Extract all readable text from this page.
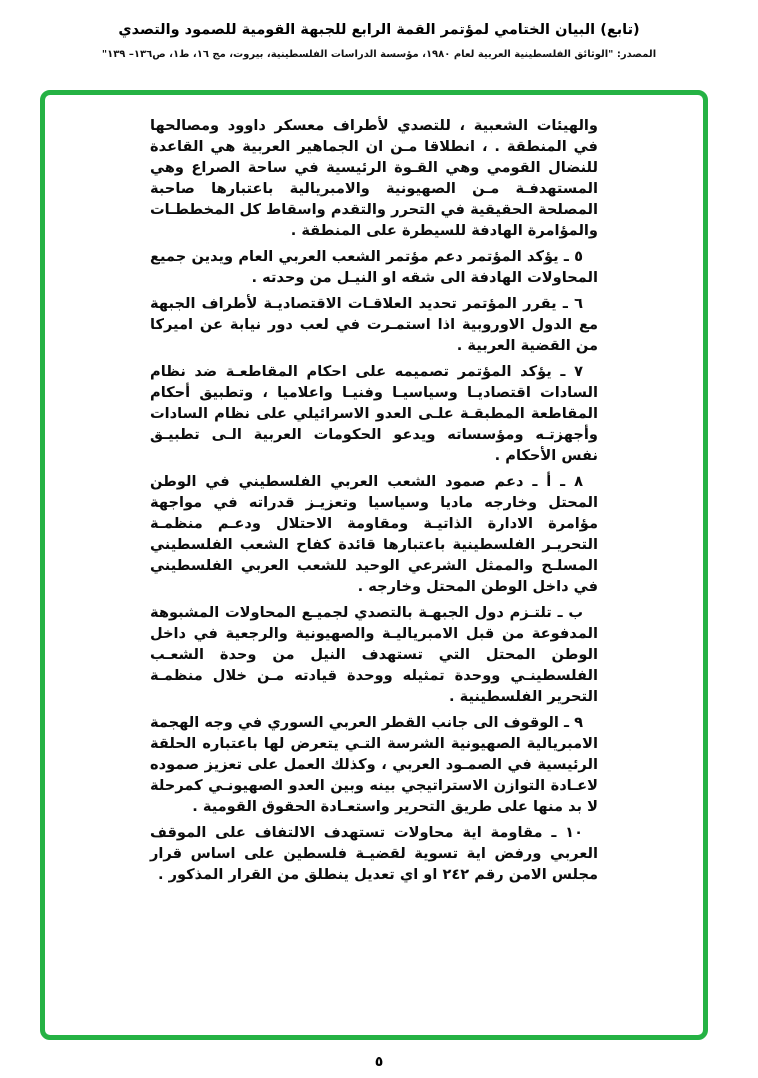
(تابع) البيان الختامي لمؤتمر القمة الرابع للجبهة القومية للصمود والتصدي
المصدر: "الوثائق الفلسطينية العربية لعام ١٩٨٠، مؤسسة الدراسات الفلسطينية، بيروت، مج ١٦، ط١، ص١٣٦– ١٣٩"

والهيئات الشعبية ، للتصدي لأطراف معسكر داوود ومصالحها في المنطقة . ، انطلاقا مـن ان الجماهير العربية هي القاعدة للنضال القومي وهي القـوة الرئيسية في ساحة الصراع وهي المستهدفـة مـن الصهيونية والامبريالية باعتبارها صاحبة المصلحة الحقيقية في التحرر والتقدم واسقاط كل المخططـات والمؤامرة الهادفة للسيطرة على المنطقة .

٥ ـ يؤكد المؤتمر دعم مؤتمر الشعب العربي العام ويدين جميع المحاولات الهادفة الى شقه او النيـل من وحدته .

٦ ـ يقرر المؤتمر تحديد العلاقـات الاقتصاديـة لأطراف الجبهة مع الدول الاوروبية اذا استمـرت في لعب دور نيابة عن اميركا من القضية العربية .

٧ ـ يؤكد المؤتمر تصميمه على احكام المقاطعـة ضد نظام السادات اقتصاديـا وسياسيـا وفنيـا واعلاميا ، وتطبيق أحكام المقاطعة المطبقـة علـى العدو الاسرائيلي على نظام السادات وأجهزتـه ومؤسساته ويدعو الحكومات العربية الـى تطبيـق نفس الأحكام .

٨ ـ أ ـ دعم صمود الشعب العربي الفلسطيني في الوطن المحتل وخارجه ماديا وسياسيا وتعزيـز قدراته في مواجهة مؤامرة الادارة الذاتيـة ومقاومة الاحتلال ودعـم منظمـة التحريـر الفلسطينية باعتبارها قائدة كفاح الشعب الفلسطيني المسلـح والممثل الشرعي الوحيد للشعب العربي الفلسطيني في داخل الوطن المحتل وخارجه .

ب ـ تلتـزم دول الجبهـة بالتصدي لجميـع المحاولات المشبوهة المدفوعة من قبل الامبرياليـة والصهيونية والرجعية في داخل الوطن المحتل التي تستهدف النيل من وحدة الشعـب الفلسطينـي ووحدة تمثيله ووحدة قيادته مـن خلال منظمـة التحرير الفلسطينية .

٩ ـ الوقوف الى جانب القطر العربي السوري في وجه الهجمة الامبريالية الصهيونية الشرسة التـي يتعرض لها باعتباره الحلقة الرئيسية في الصمـود العربي ، وكذلك العمل على تعزيز صموده لاعـادة التوازن الاستراتيجي بينه وبين العدو الصهيونـي كمرحلة لا بد منها على طريق التحرير واستعـادة الحقوق القومية .

١٠ ـ مقاومة اية محاولات تستهدف الالتفاف على الموقف العربي ورفض اية تسوية لقضيـة فلسطين على اساس قرار مجلس الامن رقم ٢٤٢ او اي تعديل ينطلق من القرار المذكور .

٥
